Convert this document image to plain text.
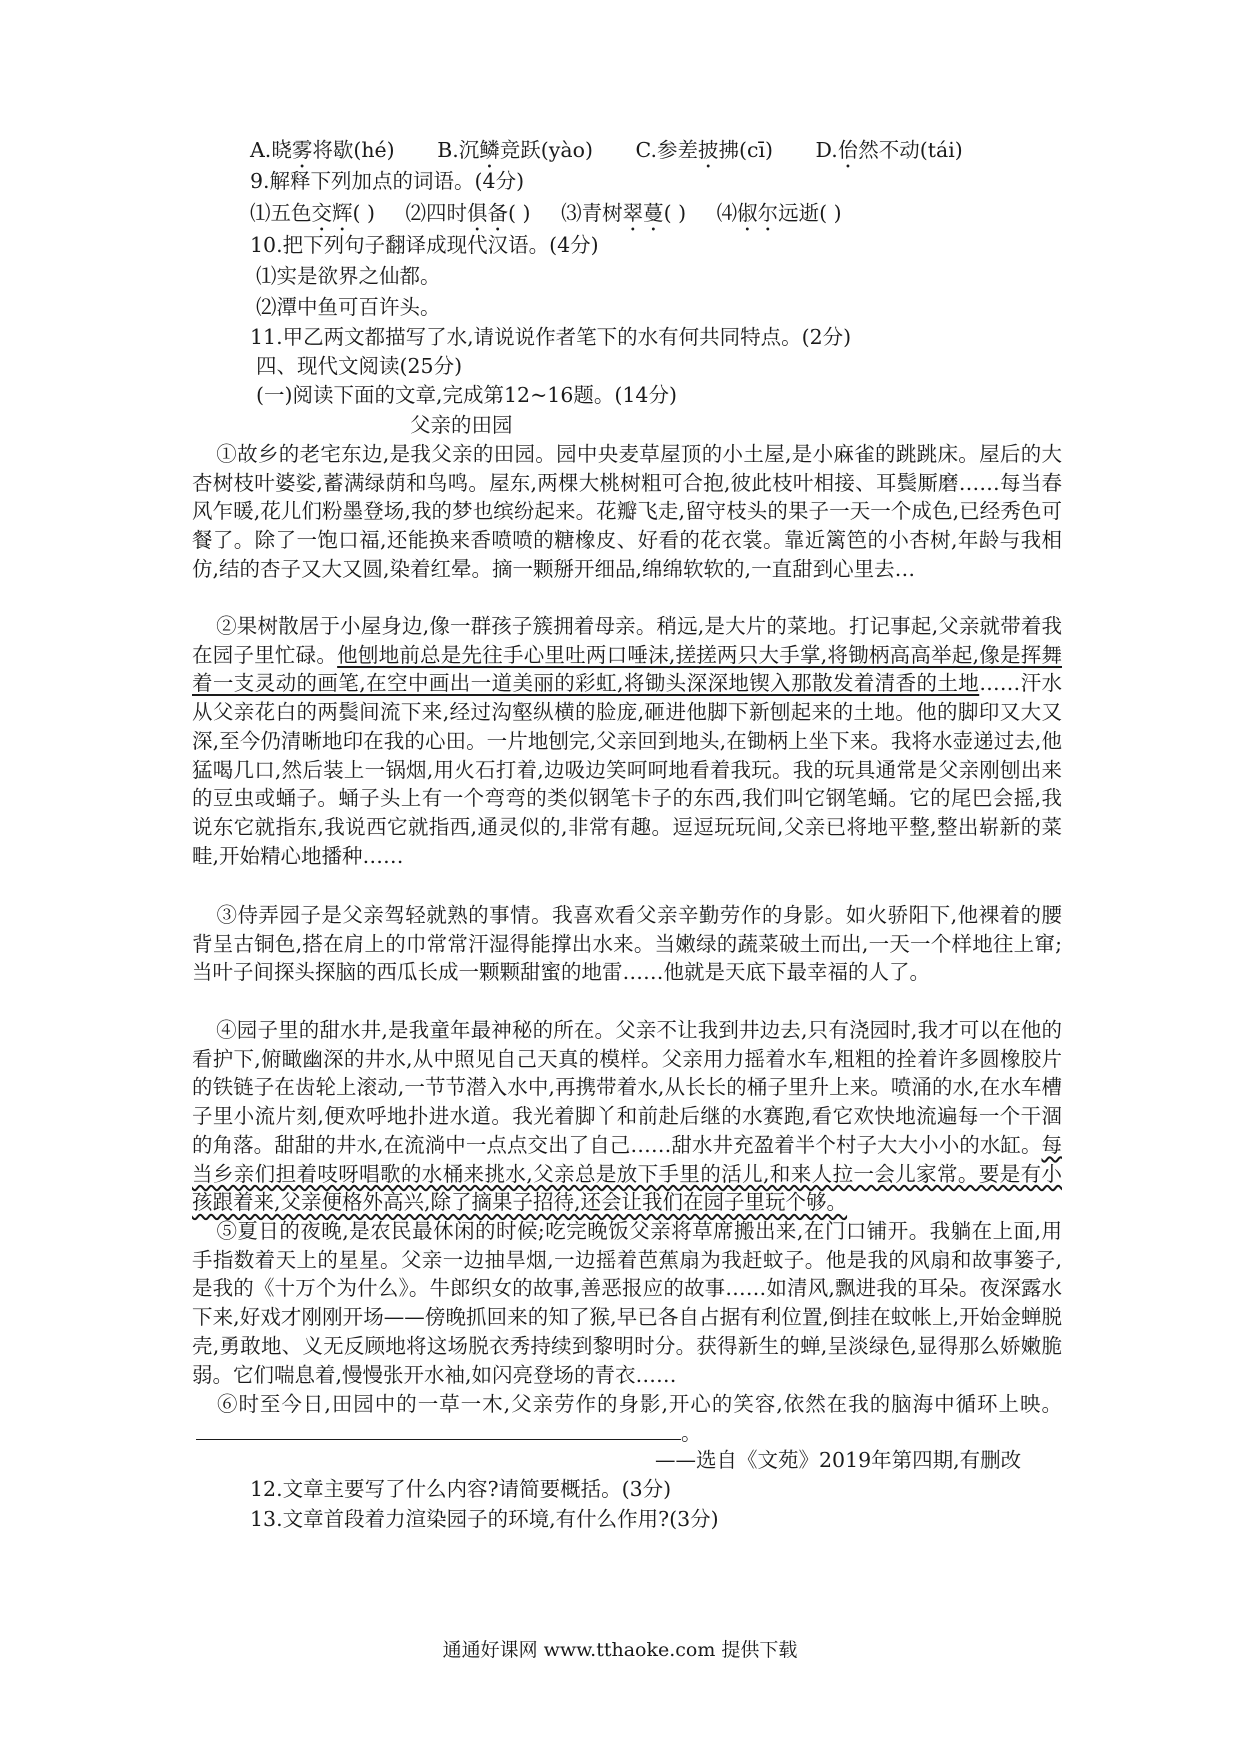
A.晓雾将歇(hé) B.沉鳞竞跃(yào) C.参差披拂(cī) D.佁然不动(tái)
9.解释下列加点的词语。(4分)
⑴五色交辉( ) ⑵四时俱备( ) ⑶青树翠蔓( ) ⑷俶尔远逝( )
10.把下列句子翻译成现代汉语。(4分)
⑴实是欲界之仙都。
⑵潭中鱼可百许头。
11.甲乙两文都描写了水,请说说作者笔下的水有何共同特点。(2分)
四、现代文阅读(25分)
(一)阅读下面的文章,完成第12~16题。(14分)
父亲的田园
①故乡的老宅东边,是我父亲的田园。园中央麦草屋顶的小土屋,是小麻雀的跳跳床。屋后的大杏树枝叶婆娑,蓄满绿荫和鸟鸣。屋东,两棵大桃树粗可合抱,彼此枝叶相接、耳鬓厮磨……每当春风乍暖,花儿们粉墨登场,我的梦也缤纷起来。花瓣飞走,留守枝头的果子一天一个成色,已经秀色可餐了。除了一饱口福,还能换来香喷喷的糖橡皮、好看的花衣裳。靠近篱笆的小杏树,年龄与我相仿,结的杏子又大又圆,染着红晕。摘一颗掰开细品,绵绵软软的,一直甜到心里去…
②果树散居于小屋身边,像一群孩子簇拥着母亲。稍远,是大片的菜地。打记事起,父亲就带着我在园子里忙碌。他刨地前总是先往手心里吐两口唾沫,搓搓两只大手掌,将锄柄高高举起,像是挥舞着一支灵动的画笔,在空中画出一道美丽的彩虹,将锄头深深地锲入那散发着清香的土地……汗水从父亲花白的两鬓间流下来,经过沟壑纵横的脸庞,砸进他脚下新刨起来的土地。他的脚印又大又深,至今仍清晰地印在我的心田。一片地刨完,父亲回到地头,在锄柄上坐下来。我将水壶递过去,他猛喝几口,然后装上一锅烟,用火石打着,边吸边笑呵呵地看着我玩。我的玩具通常是父亲刚刨出来的豆虫或蛹子。蛹子头上有一个弯弯的类似钢笔卡子的东西,我们叫它钢笔蛹。它的尾巴会摇,我说东它就指东,我说西它就指西,通灵似的,非常有趣。逗逗玩玩间,父亲已将地平整,整出崭新的菜畦,开始精心地播种……
③侍弄园子是父亲驾轻就熟的事情。我喜欢看父亲辛勤劳作的身影。如火骄阳下,他裸着的腰背呈古铜色,搭在肩上的巾常常汗湿得能撑出水来。当嫩绿的蔬菜破土而出,一天一个样地往上窜;当叶子间探头探脑的西瓜长成一颗颗甜蜜的地雷……他就是天底下最幸福的人了。
④园子里的甜水井,是我童年最神秘的所在。父亲不让我到井边去,只有浇园时,我才可以在他的看护下,俯瞰幽深的井水,从中照见自己天真的模样。父亲用力摇着水车,粗粗的拴着许多圆橡胶片的铁链子在齿轮上滚动,一节节潜入水中,再携带着水,从长长的桶子里升上来。喷涌的水,在水车槽子里小流片刻,便欢呼地扑进水道。我光着脚丫和前赴后继的水赛跑,看它欢快地流遍每一个干涸的角落。甜甜的井水,在流淌中一点点交出了自己……甜水井充盈着半个村子大大小小的水缸。每当乡亲们担着吱呀唱歌的水桶来挑水,父亲总是放下手里的活儿,和来人拉一会儿家常。要是有小孩跟着来,父亲便格外高兴,除了摘果子招待,还会让我们在园子里玩个够。
⑤夏日的夜晚,是农民最休闲的时候;吃完晚饭父亲将草席搬出来,在门口铺开。我躺在上面,用手指数着天上的星星。父亲一边抽旱烟,一边摇着芭蕉扇为我赶蚊子。他是我的风扇和故事篓子,是我的《十万个为什么》。牛郎织女的故事,善恶报应的故事……如清风,飘进我的耳朵。夜深露水下来,好戏才刚刚开场——傍晚抓回来的知了猴,早已各自占据有利位置,倒挂在蚊帐上,开始金蝉脱壳,勇敢地、义无反顾地将这场脱衣秀持续到黎明时分。获得新生的蝉,呈淡绿色,显得那么娇嫩脆弱。它们喘息着,慢慢张开水袖,如闪亮登场的青衣……
⑥时至今日,田园中的一草一木,父亲劳作的身影,开心的笑容,依然在我的脑海中循环上映。。
——选自《文苑》2019年第四期,有删改
12.文章主要写了什么内容?请简要概括。(3分)
13.文章首段着力渲染园子的环境,有什么作用?(3分)
通通好课网 www.tthaoke.com 提供下载
